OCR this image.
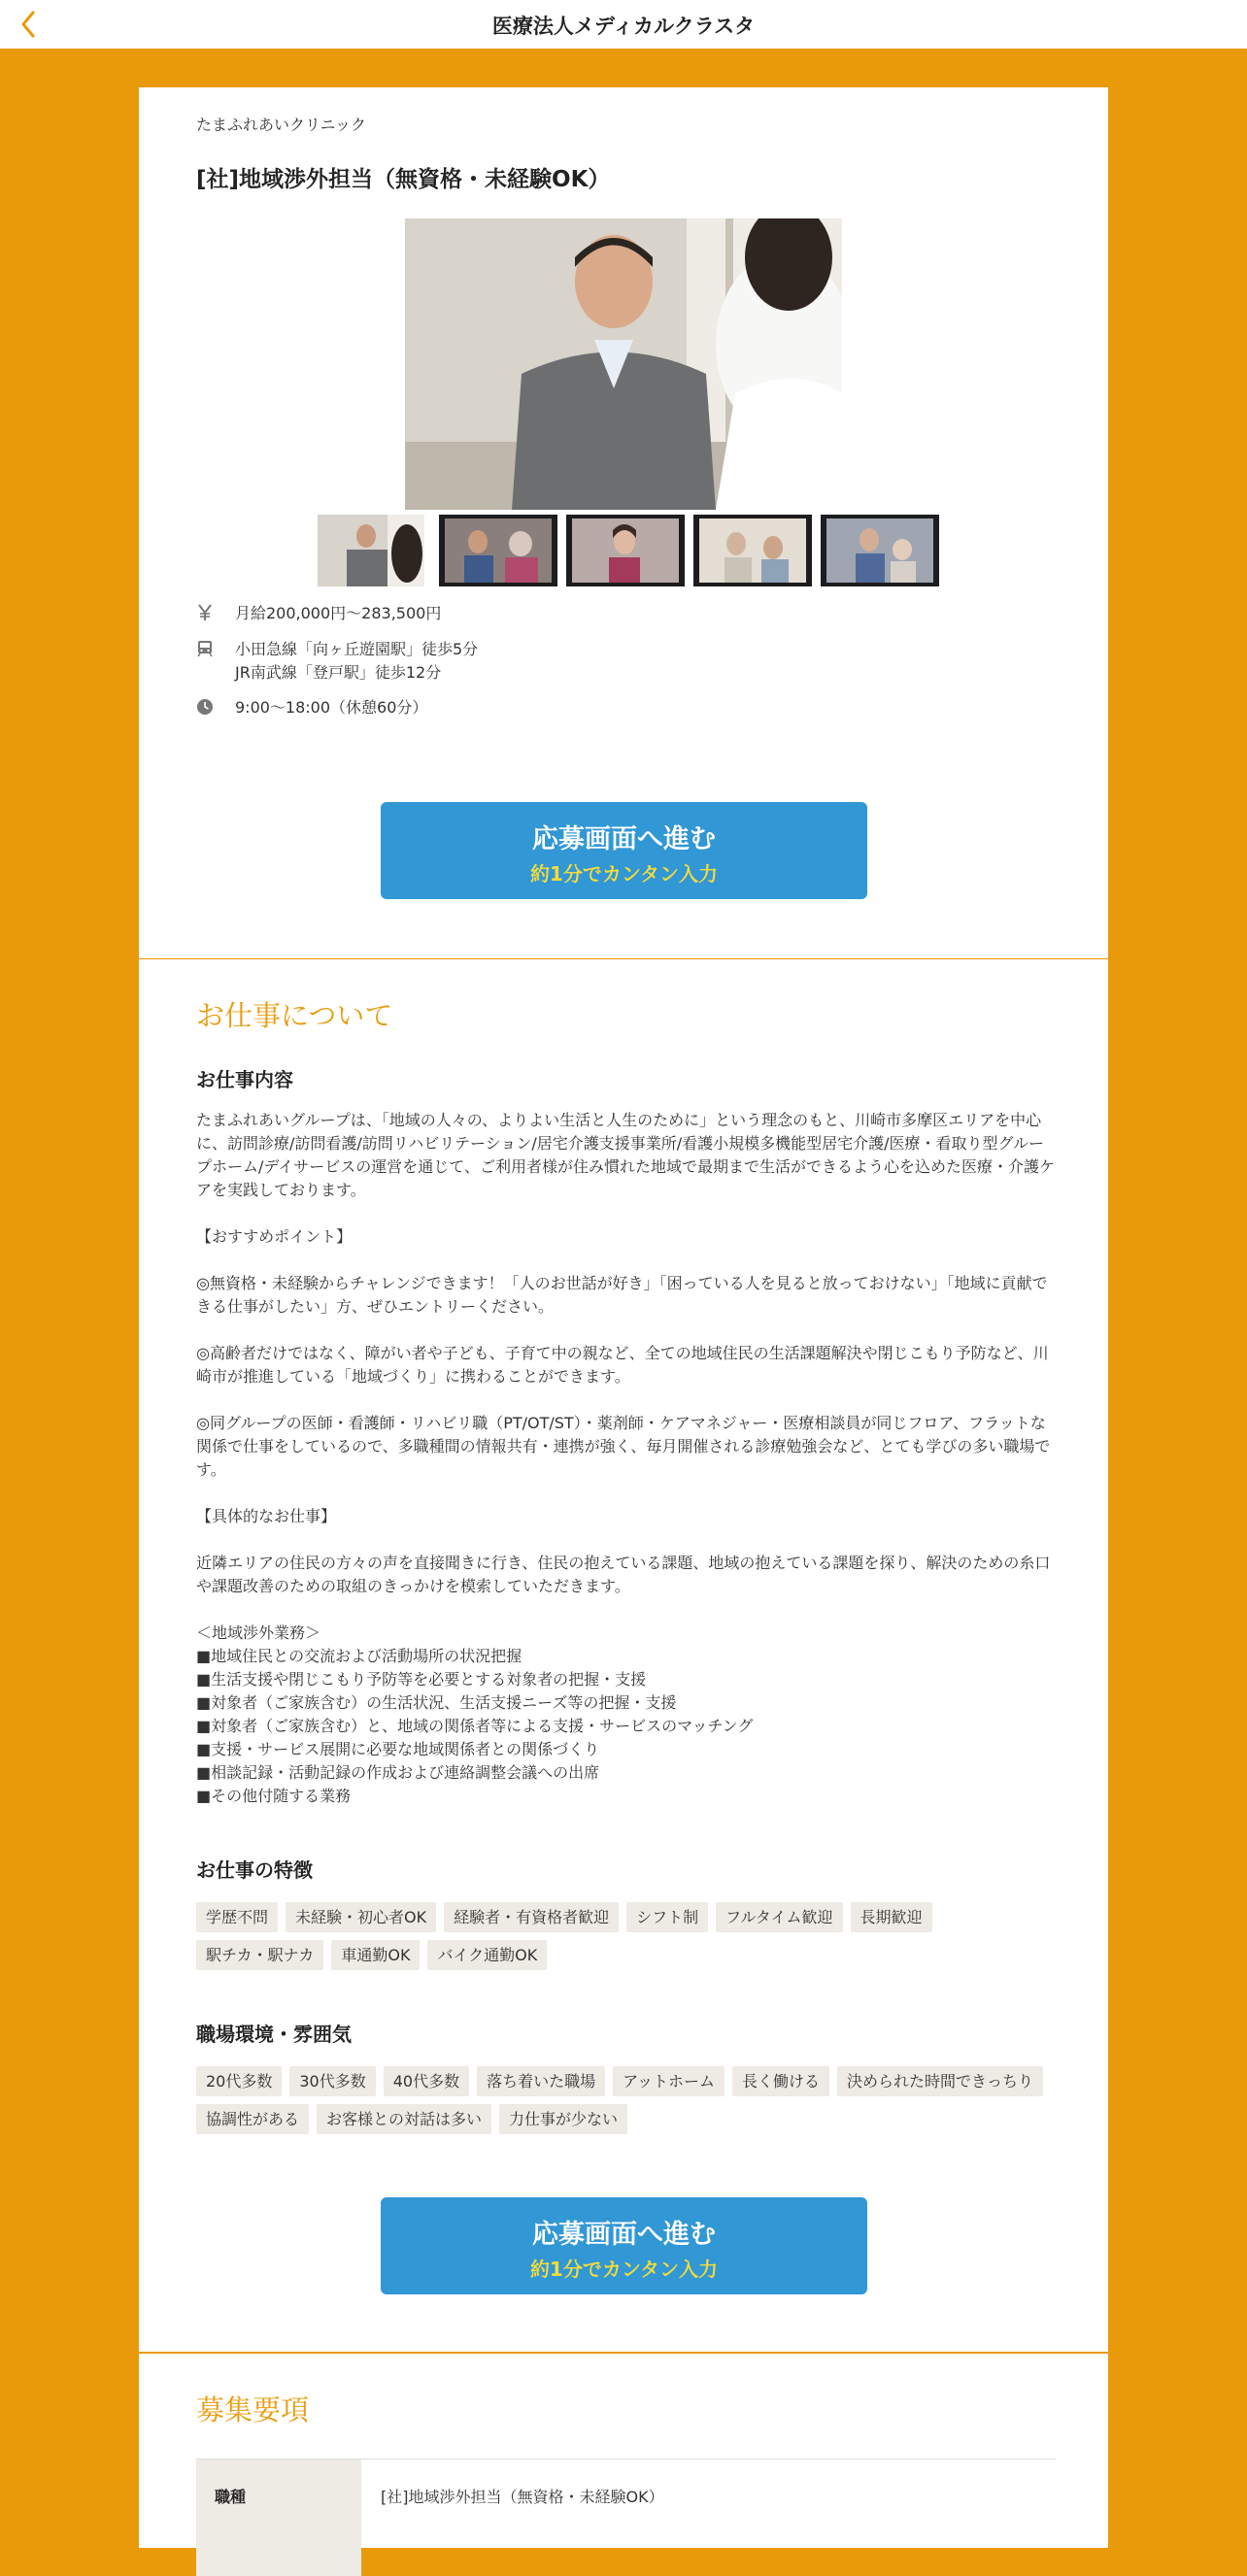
医療法人メディカルクラスタ
たまふれあいクリニック
[社]地域渉外担当（無資格・未経験OK）
月給200,000円〜283,500円
小田急線「向ヶ丘遊園駅」徒歩5分
JR南武線「登戸駅」徒歩12分
9:00～18:00（休憩60分）
応募画面へ進む
約1分でカンタン入力
お仕事について
お仕事内容
たまふれあいグループは、「地域の人々の、よりよい生活と人生のために」という理念のもと、川崎市多摩区エリアを中心に、訪問診療/訪問看護/訪問リハビリテーション/居宅介護支援事業所/看護小規模多機能型居宅介護/医療・看取り型グループホーム/デイサービスの運営を通じて、ご利用者様が住み慣れた地域で最期まで生活ができるよう心を込めた医療・介護ケアを実践しております。

【おすすめポイント】

◎無資格・未経験からチャレンジできます！「人のお世話が好き」「困っている人を見ると放っておけない」「地域に貢献できる仕事がしたい」方、ぜひエントリーください。

◎高齢者だけではなく、障がい者や子ども、子育て中の親など、全ての地域住民の生活課題解決や閉じこもり予防など、川崎市が推進している「地域づくり」に携わることができます。

◎同グループの医師・看護師・リハビリ職（PT/OT/ST）・薬剤師・ケアマネジャー・医療相談員が同じフロア、フラットな関係で仕事をしているので、多職種間の情報共有・連携が強く、毎月開催される診療勉強会など、とても学びの多い職場です。

【具体的なお仕事】

近隣エリアの住民の方々の声を直接聞きに行き、住民の抱えている課題、地域の抱えている課題を探り、解決のための糸口や課題改善のための取組のきっかけを模索していただきます。

＜地域渉外業務＞
■地域住民との交流および活動場所の状況把握
■生活支援や閉じこもり予防等を必要とする対象者の把握・支援
■対象者（ご家族含む）の生活状況、生活支援ニーズ等の把握・支援
■対象者（ご家族含む）と、地域の関係者等による支援・サービスのマッチング
■支援・サービス展開に必要な地域関係者との関係づくり
■相談記録・活動記録の作成および連絡調整会議への出席
■その他付随する業務
お仕事の特徴
学歴不問	未経験・初心者OK	経験者・有資格者歓迎	シフト制	フルタイム歓迎	長期歓迎
駅チカ・駅ナカ	車通勤OK	バイク通勤OK
職場環境・雰囲気
20代多数	30代多数	40代多数	落ち着いた職場	アットホーム	長く働ける	決められた時間できっちり
協調性がある	お客様との対話は多い	力仕事が少ない
応募画面へ進む
約1分でカンタン入力
募集要項
職種	[社]地域渉外担当（無資格・未経験OK）
